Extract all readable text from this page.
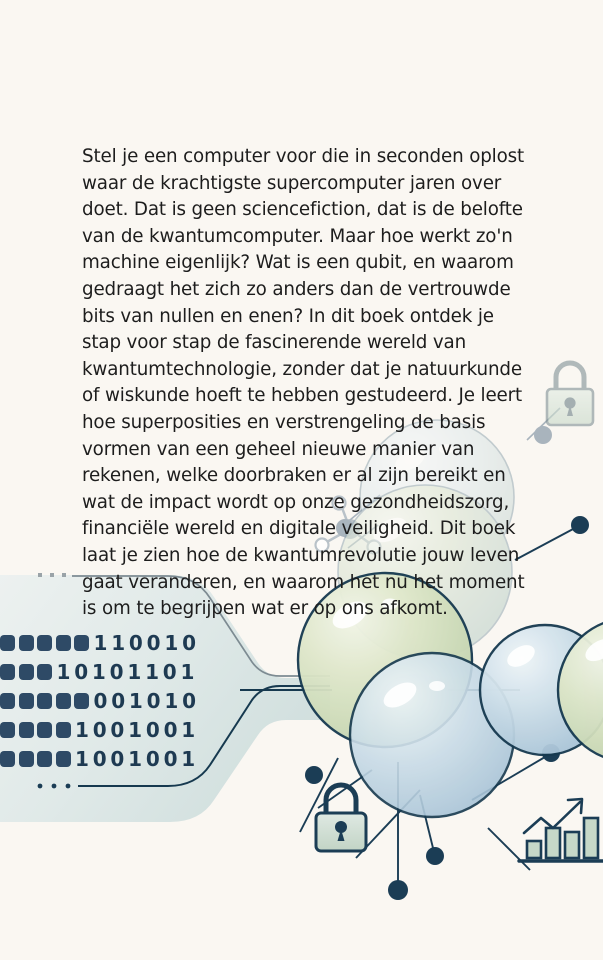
Stel je een computer voor die in seconden oplost waar de krachtigste supercomputer jaren over doet. Dat is geen sciencefiction, dat is de belofte van de kwantumcomputer. Maar hoe werkt zo'n machine eigenlijk? Wat is een qubit, en waarom gedraagt het zich zo anders dan de vertrouwde bits van nullen en enen? In dit boek ontdek je stap voor stap de fascinerende wereld van kwantumtechnologie, zonder dat je natuurkunde of wiskunde hoeft te hebben gestudeerd. Je leert hoe superposities en verstrengeling de basis vormen van een geheel nieuwe manier van rekenen, welke doorbraken er al zijn bereikt en wat de impact wordt op onze gezondheidszorg, financiële wereld en digitale veiligheid. Dit boek laat je zien hoe de kwantumrevolutie jouw leven gaat veranderen, en waarom het nu het moment is om te begrijpen wat er op ons afkomt.
110010
10101101
001010
1001001
1001001
